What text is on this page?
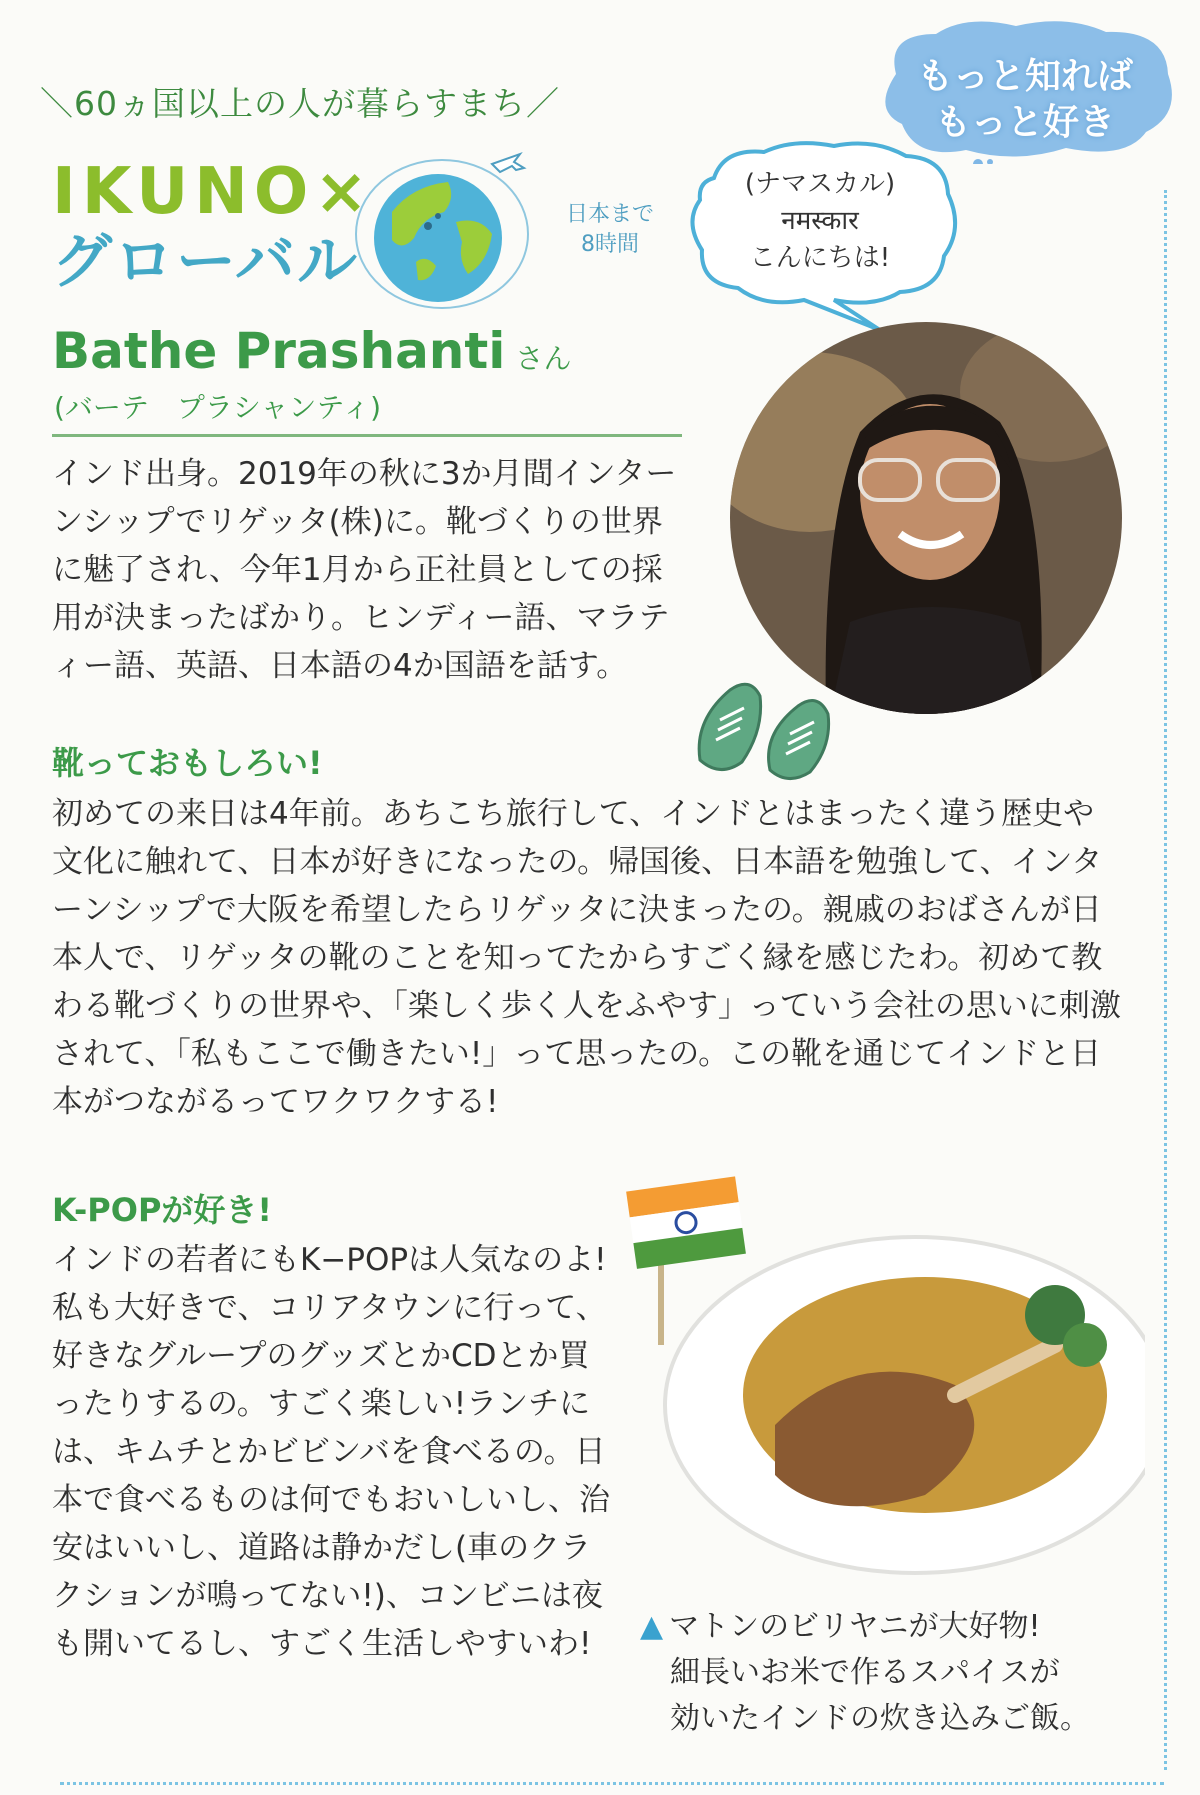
＼60ヵ国以上の人が暮らすまち／
IKUNO×
グローバル
日本まで
8時間
もっと知れば
もっと好き
(ナマスカル)
नमस्कार
こんにちは!
Bathe Prashanti さん
(バーテ　プラシャンティ)
インド出身。2019年の秋に3か月間インターンシップでリゲッタ(株)に。靴づくりの世界に魅了され、今年1月から正社員としての採用が決まったばかり。ヒンディー語、マラティー語、英語、日本語の4か国語を話す。
靴っておもしろい!
初めての来日は4年前。あちこち旅行して、インドとはまったく違う歴史や文化に触れて、日本が好きになったの。帰国後、日本語を勉強して、インターンシップで大阪を希望したらリゲッタに決まったの。親戚のおばさんが日本人で、リゲッタの靴のことを知ってたからすごく縁を感じたわ。初めて教わる靴づくりの世界や、「楽しく歩く人をふやす」っていう会社の思いに刺激されて、「私もここで働きたい!」って思ったの。この靴を通じてインドと日本がつながるってワクワクする!
K-POPが好き!
インドの若者にもK−POPは人気なのよ!私も大好きで、コリアタウンに行って、好きなグループのグッズとかCDとか買ったりするの。すごく楽しい!ランチには、キムチとかビビンバを食べるの。日本で食べるものは何でもおいしいし、治安はいいし、道路は静かだし(車のクラクションが鳴ってない!)、コンビニは夜も開いてるし、すごく生活しやすいわ!	▲ マトンのビリヤニが大好物!
細長いお米で作るスパイスが
効いたインドの炊き込みご飯。
